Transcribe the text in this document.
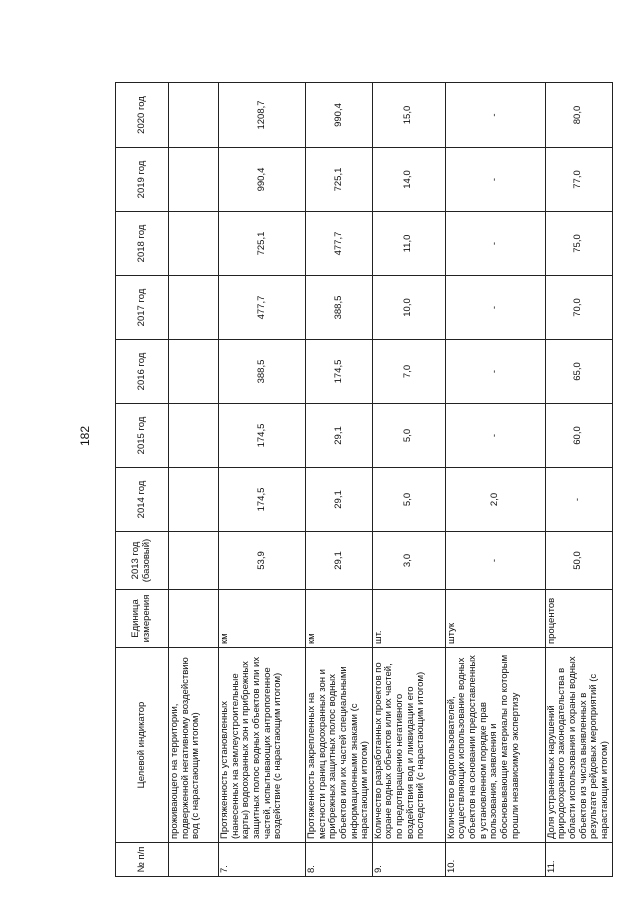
182
№ п/п	Целевой индикатор	Единица измерения	2013 год (базовый)	2014 год	2015 год	2016 год	2017 год	2018 год	2019 год	2020 год
	проживающего на территории, подверженной негативному воздействию вод (с нарастающим итогом)									
7.	Протяженность установленных (нанесенных на землеустроительные карты) водоохранных зон и прибрежных защитных полос водных объектов или их частей, испытывающих антропогенное воздействие (с нарастающим итогом)	км	53,9	174,5	174,5	388,5	477,7	725,1	990,4	1208,7
8.	Протяженность закрепленных на местности границ водоохранных зон и прибрежных защитных полос водных объектов или их частей специальными информационными знаками (с нарастающим итогом)	км	29,1	29,1	29,1	174,5	388,5	477,7	725,1	990,4
9.	Количество разработанных проектов по охране водных объектов или их частей, по предотвращению негативного воздействия вод и ликвидации его последствий (с нарастающим итогом)	шт.	3,0	5,0	5,0	7,0	10,0	11,0	14,0	15,0
10.	Количество водопользователей, осуществляющих использование водных объектов на основании предоставленных в установленном порядке прав пользования, заявления и обосновывающие материалы по которым прошли независимую экспертизу	штук	-	2,0	-	-	-	-	-	-
11.	Доля устраненных нарушений природоохранного законодательства в области использования и охраны водных объектов из числа выявленных в результате рейдовых мероприятий (с нарастающим итогом)	процентов	50,0	-	60,0	65,0	70,0	75,0	77,0	80,0
